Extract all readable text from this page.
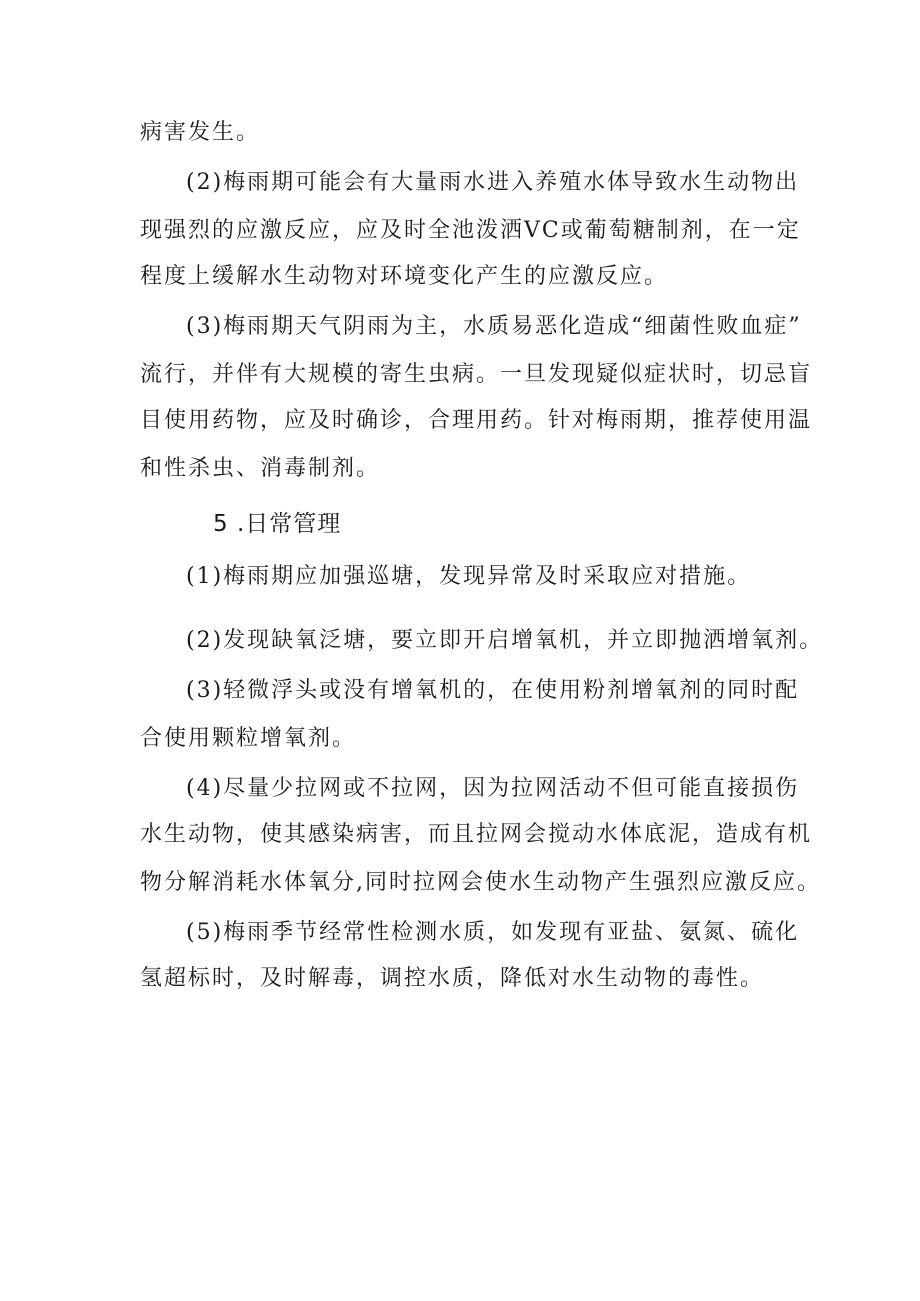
病害发生。
(2)梅雨期可能会有大量雨水进入养殖水体导致水生动物出
现强烈的应激反应，应及时全池泼洒VC或葡萄糖制剂，在一定
程度上缓解水生动物对环境变化产生的应激反应。
(3)梅雨期天气阴雨为主，水质易恶化造成“细菌性败血症”
流行，并伴有大规模的寄生虫病。一旦发现疑似症状时，切忌盲
目使用药物，应及时确诊，合理用药。针对梅雨期，推荐使用温
和性杀虫、消毒制剂。
5 .日常管理
(1)梅雨期应加强巡塘，发现异常及时采取应对措施。
(2)发现缺氧泛塘，要立即开启增氧机，并立即抛洒增氧剂。
(3)轻微浮头或没有增氧机的，在使用粉剂增氧剂的同时配
合使用颗粒增氧剂。
(4)尽量少拉网或不拉网，因为拉网活动不但可能直接损伤
水生动物，使其感染病害，而且拉网会搅动水体底泥，造成有机
物分解消耗水体氧分,同时拉网会使水生动物产生强烈应激反应。
(5)梅雨季节经常性检测水质，如发现有亚盐、氨氮、硫化
氢超标时，及时解毒，调控水质，降低对水生动物的毒性。
